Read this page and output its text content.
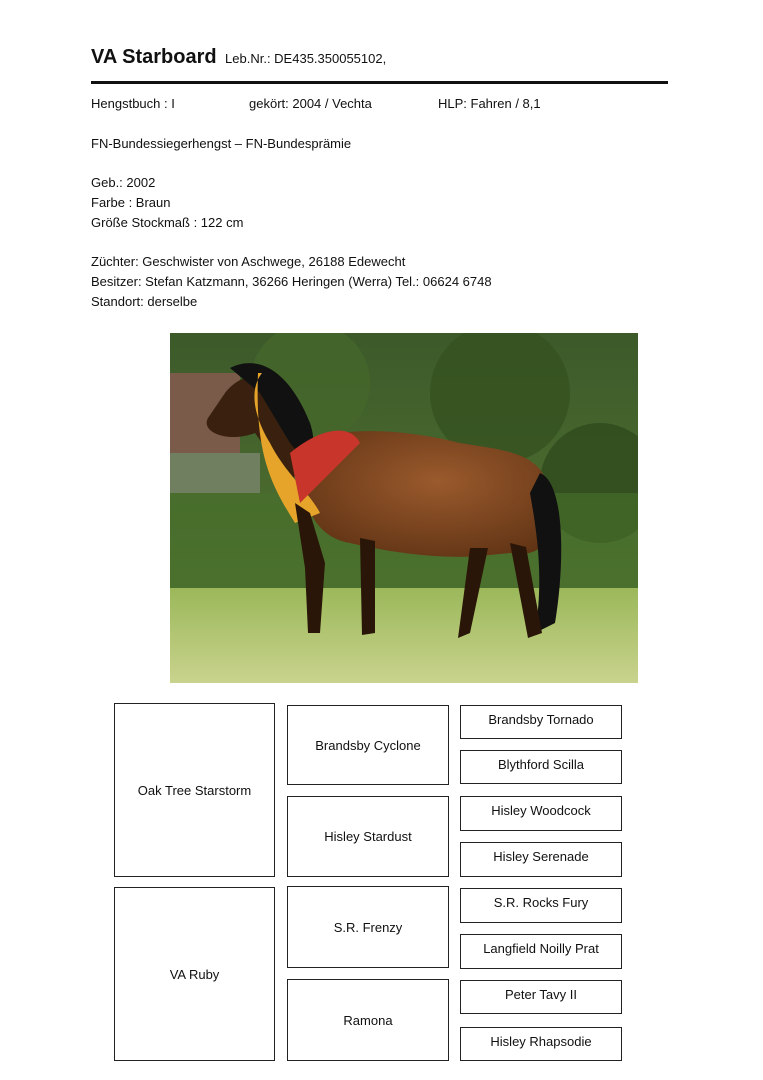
VA Starboard Leb.Nr.: DE435.350055102,
Hengstbuch : I	gekört: 2004 / Vechta	HLP: Fahren / 8,1
FN-Bundessiegerhengst – FN-Bundesprämie
Geb.: 2002
Farbe : Braun
Größe Stockmaß : 122 cm
Züchter: Geschwister von Aschwege, 26188 Edewecht
Besitzer: Stefan Katzmann, 36266 Heringen (Werra) Tel.: 06624 6748
Standort: derselbe
Oak Tree Starstorm
VA Ruby
Brandsby Cyclone
Hisley Stardust
S.R. Frenzy
Ramona
Brandsby Tornado
Blythford Scilla
Hisley Woodcock
Hisley Serenade
S.R. Rocks Fury
Langfield Noilly Prat
Peter Tavy II
Hisley Rhapsodie
